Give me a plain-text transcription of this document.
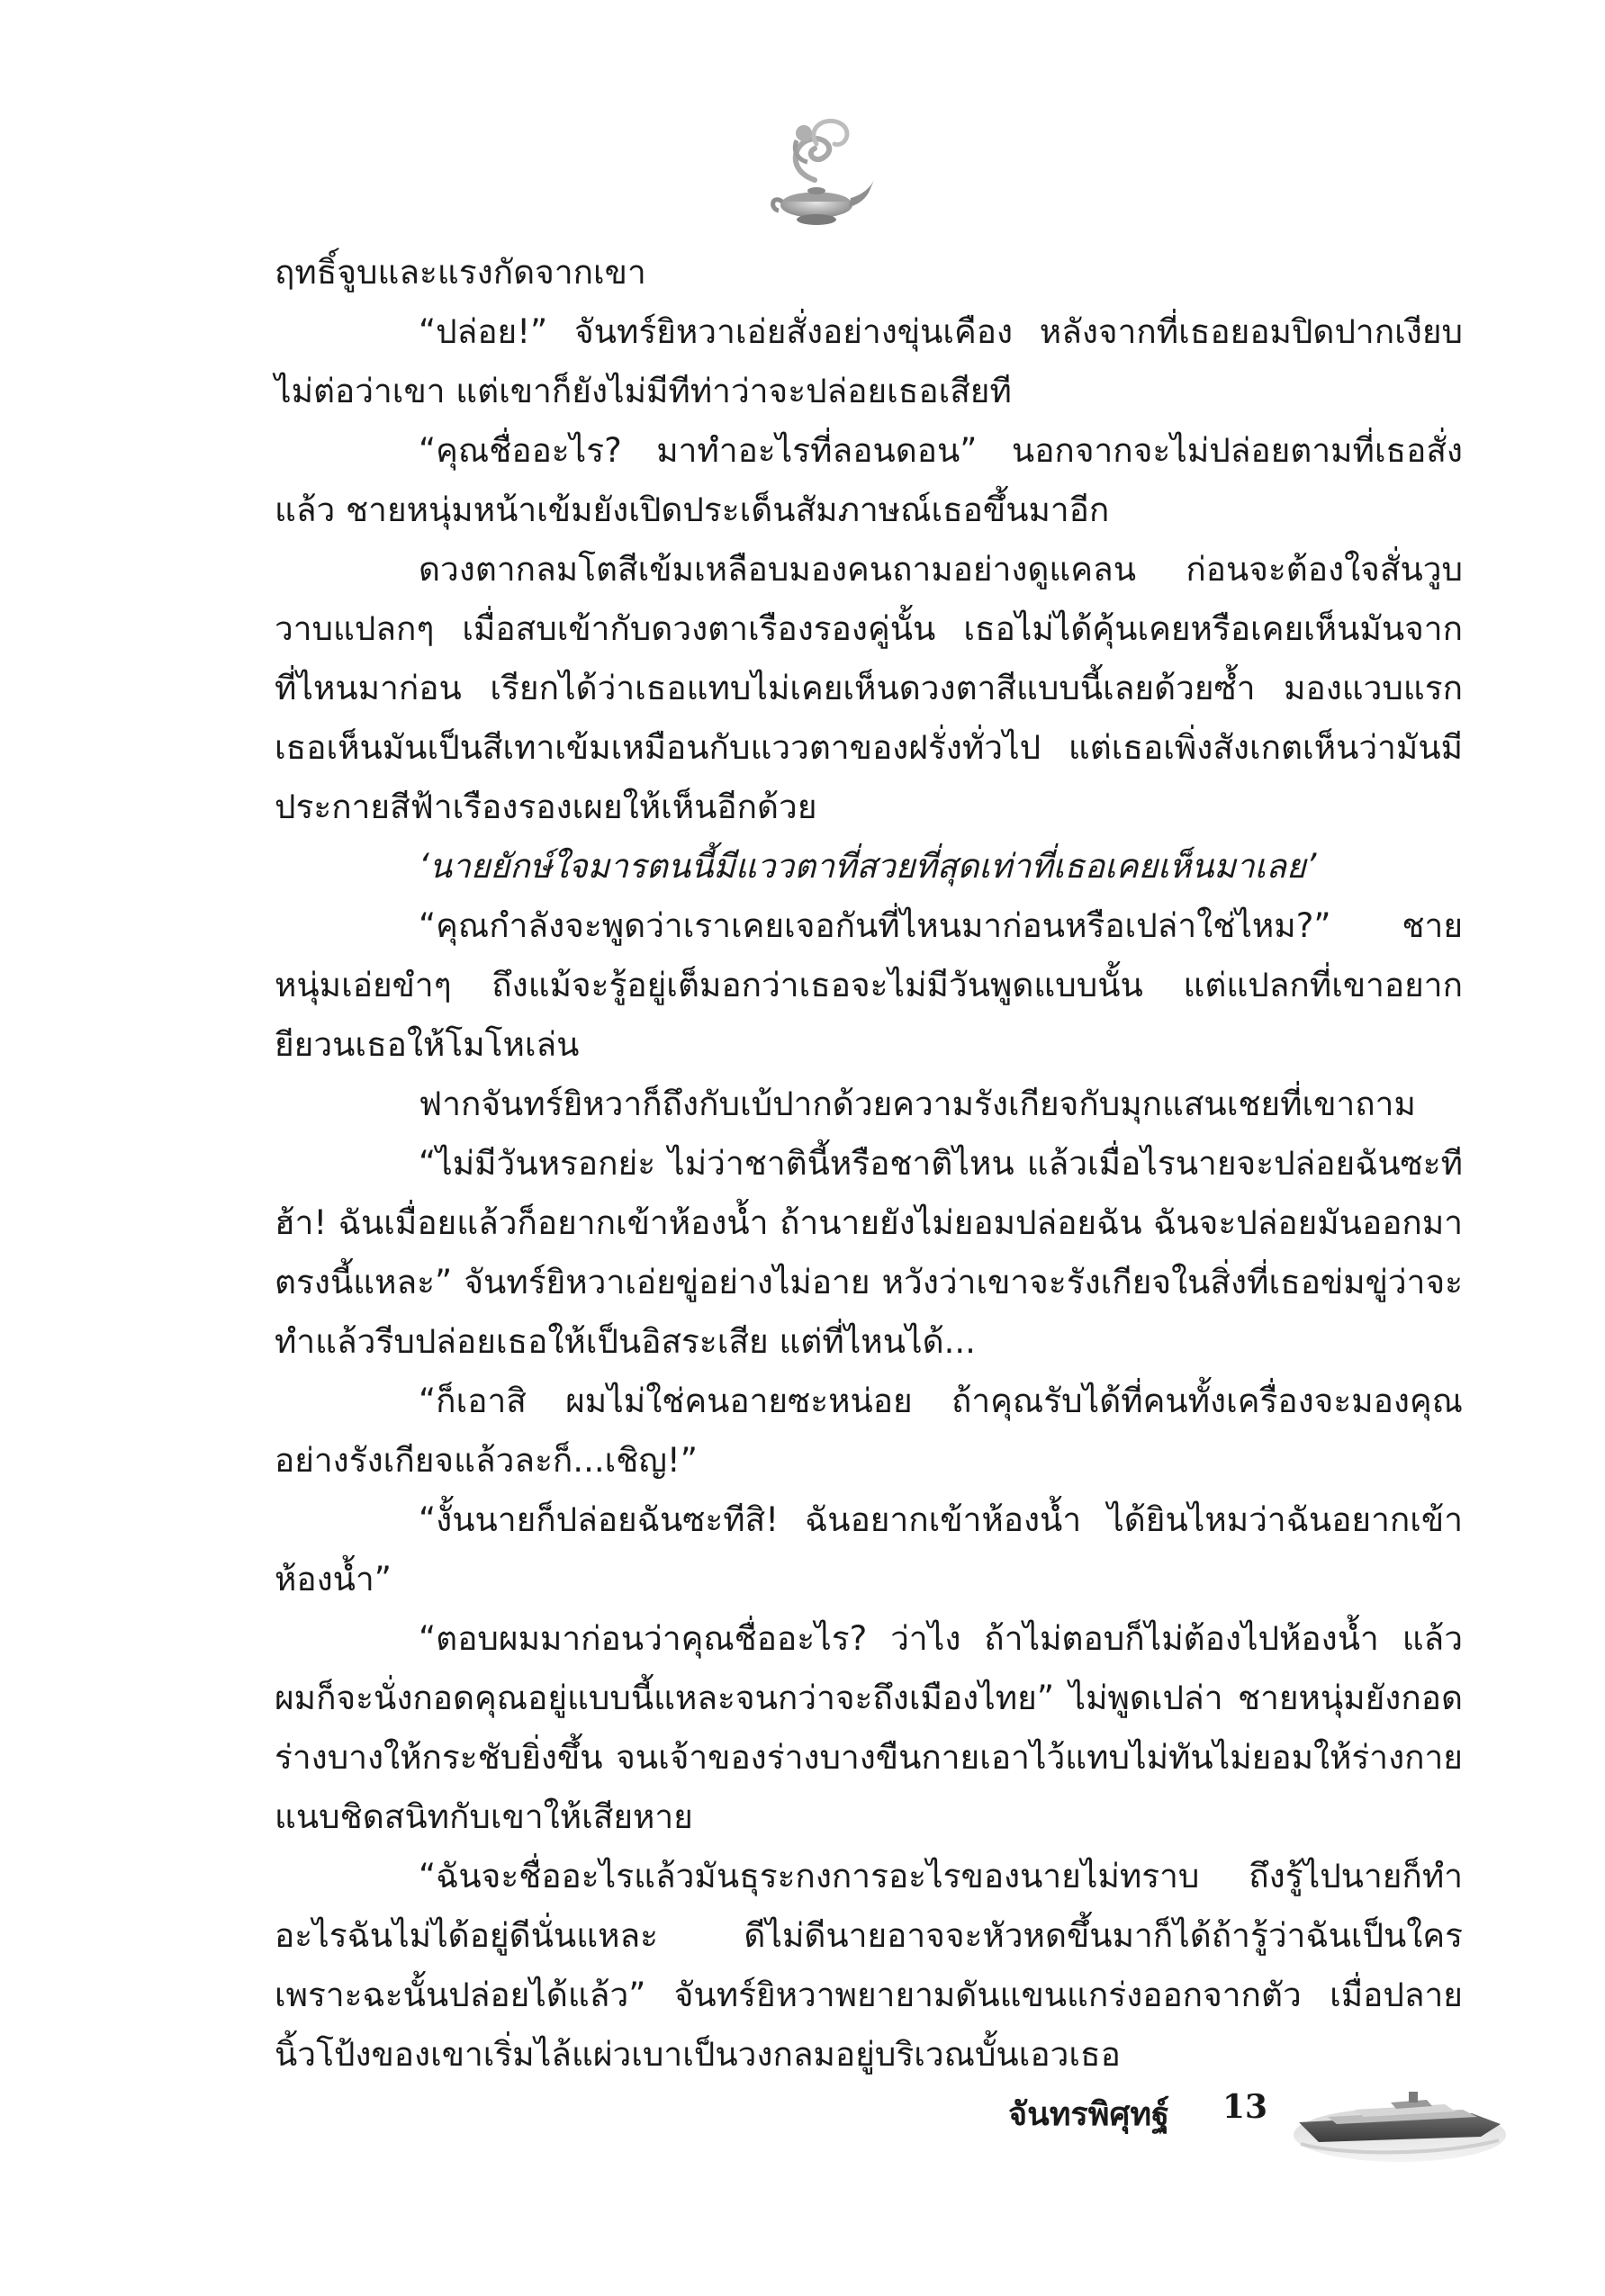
ฤทธิ์จูบและแรงกัดจากเขา

“ปล่อย!” จันทร์ยิหวาเอ่ยสั่งอย่างขุ่นเคือง หลังจากที่เธอยอมปิดปากเงียบไม่ต่อว่าเขา แต่เขาก็ยังไม่มีทีท่าว่าจะปล่อยเธอเสียที

“คุณชื่ออะไร? มาทำอะไรที่ลอนดอน” นอกจากจะไม่ปล่อยตามที่เธอสั่งแล้ว ชายหนุ่มหน้าเข้มยังเปิดประเด็นสัมภาษณ์เธอขึ้นมาอีก

ดวงตากลมโตสีเข้มเหลือบมองคนถามอย่างดูแคลน ก่อนจะต้องใจสั่นวูบวาบแปลกๆ เมื่อสบเข้ากับดวงตาเรืองรองคู่นั้น เธอไม่ได้คุ้นเคยหรือเคยเห็นมันจากที่ไหนมาก่อน เรียกได้ว่าเธอแทบไม่เคยเห็นดวงตาสีแบบนี้เลยด้วยซ้ำ มองแวบแรกเธอเห็นมันเป็นสีเทาเข้มเหมือนกับแววตาของฝรั่งทั่วไป แต่เธอเพิ่งสังเกตเห็นว่ามันมีประกายสีฟ้าเรืองรองเผยให้เห็นอีกด้วย

‘นายยักษ์ใจมารตนนี้มีแววตาที่สวยที่สุดเท่าที่เธอเคยเห็นมาเลย’

“คุณกำลังจะพูดว่าเราเคยเจอกันที่ไหนมาก่อนหรือเปล่าใช่ไหม?” ชายหนุ่มเอ่ยขำๆ ถึงแม้จะรู้อยู่เต็มอกว่าเธอจะไม่มีวันพูดแบบนั้น แต่แปลกที่เขาอยากยียวนเธอให้โมโหเล่น

ฟากจันทร์ยิหวาก็ถึงกับเบ้ปากด้วยความรังเกียจกับมุกแสนเชยที่เขาถาม

“ไม่มีวันหรอกย่ะ ไม่ว่าชาตินี้หรือชาติไหน แล้วเมื่อไรนายจะปล่อยฉันซะทีฮ้า! ฉันเมื่อยแล้วก็อยากเข้าห้องน้ำ ถ้านายยังไม่ยอมปล่อยฉัน ฉันจะปล่อยมันออกมาตรงนี้แหละ” จันทร์ยิหวาเอ่ยขู่อย่างไม่อาย หวังว่าเขาจะรังเกียจในสิ่งที่เธอข่มขู่ว่าจะทำแล้วรีบปล่อยเธอให้เป็นอิสระเสีย แต่ที่ไหนได้...

“ก็เอาสิ ผมไม่ใช่คนอายซะหน่อย ถ้าคุณรับได้ที่คนทั้งเครื่องจะมองคุณอย่างรังเกียจแล้วละก็...เชิญ!”

“งั้นนายก็ปล่อยฉันซะทีสิ! ฉันอยากเข้าห้องน้ำ ได้ยินไหมว่าฉันอยากเข้าห้องน้ำ”

“ตอบผมมาก่อนว่าคุณชื่ออะไร? ว่าไง ถ้าไม่ตอบก็ไม่ต้องไปห้องน้ำ แล้วผมก็จะนั่งกอดคุณอยู่แบบนี้แหละจนกว่าจะถึงเมืองไทย” ไม่พูดเปล่า ชายหนุ่มยังกอดร่างบางให้กระชับยิ่งขึ้น จนเจ้าของร่างบางขืนกายเอาไว้แทบไม่ทันไม่ยอมให้ร่างกายแนบชิดสนิทกับเขาให้เสียหาย

“ฉันจะชื่ออะไรแล้วมันธุระกงการอะไรของนายไม่ทราบ ถึงรู้ไปนายก็ทำอะไรฉันไม่ได้อยู่ดีนั่นแหละ ดีไม่ดีนายอาจจะหัวหดขึ้นมาก็ได้ถ้ารู้ว่าฉันเป็นใคร เพราะฉะนั้นปล่อยได้แล้ว” จันทร์ยิหวาพยายามดันแขนแกร่งออกจากตัว เมื่อปลายนิ้วโป้งของเขาเริ่มไล้แผ่วเบาเป็นวงกลมอยู่บริเวณบั้นเอวเธอ

จันทรพิศุทฐ์ 13
